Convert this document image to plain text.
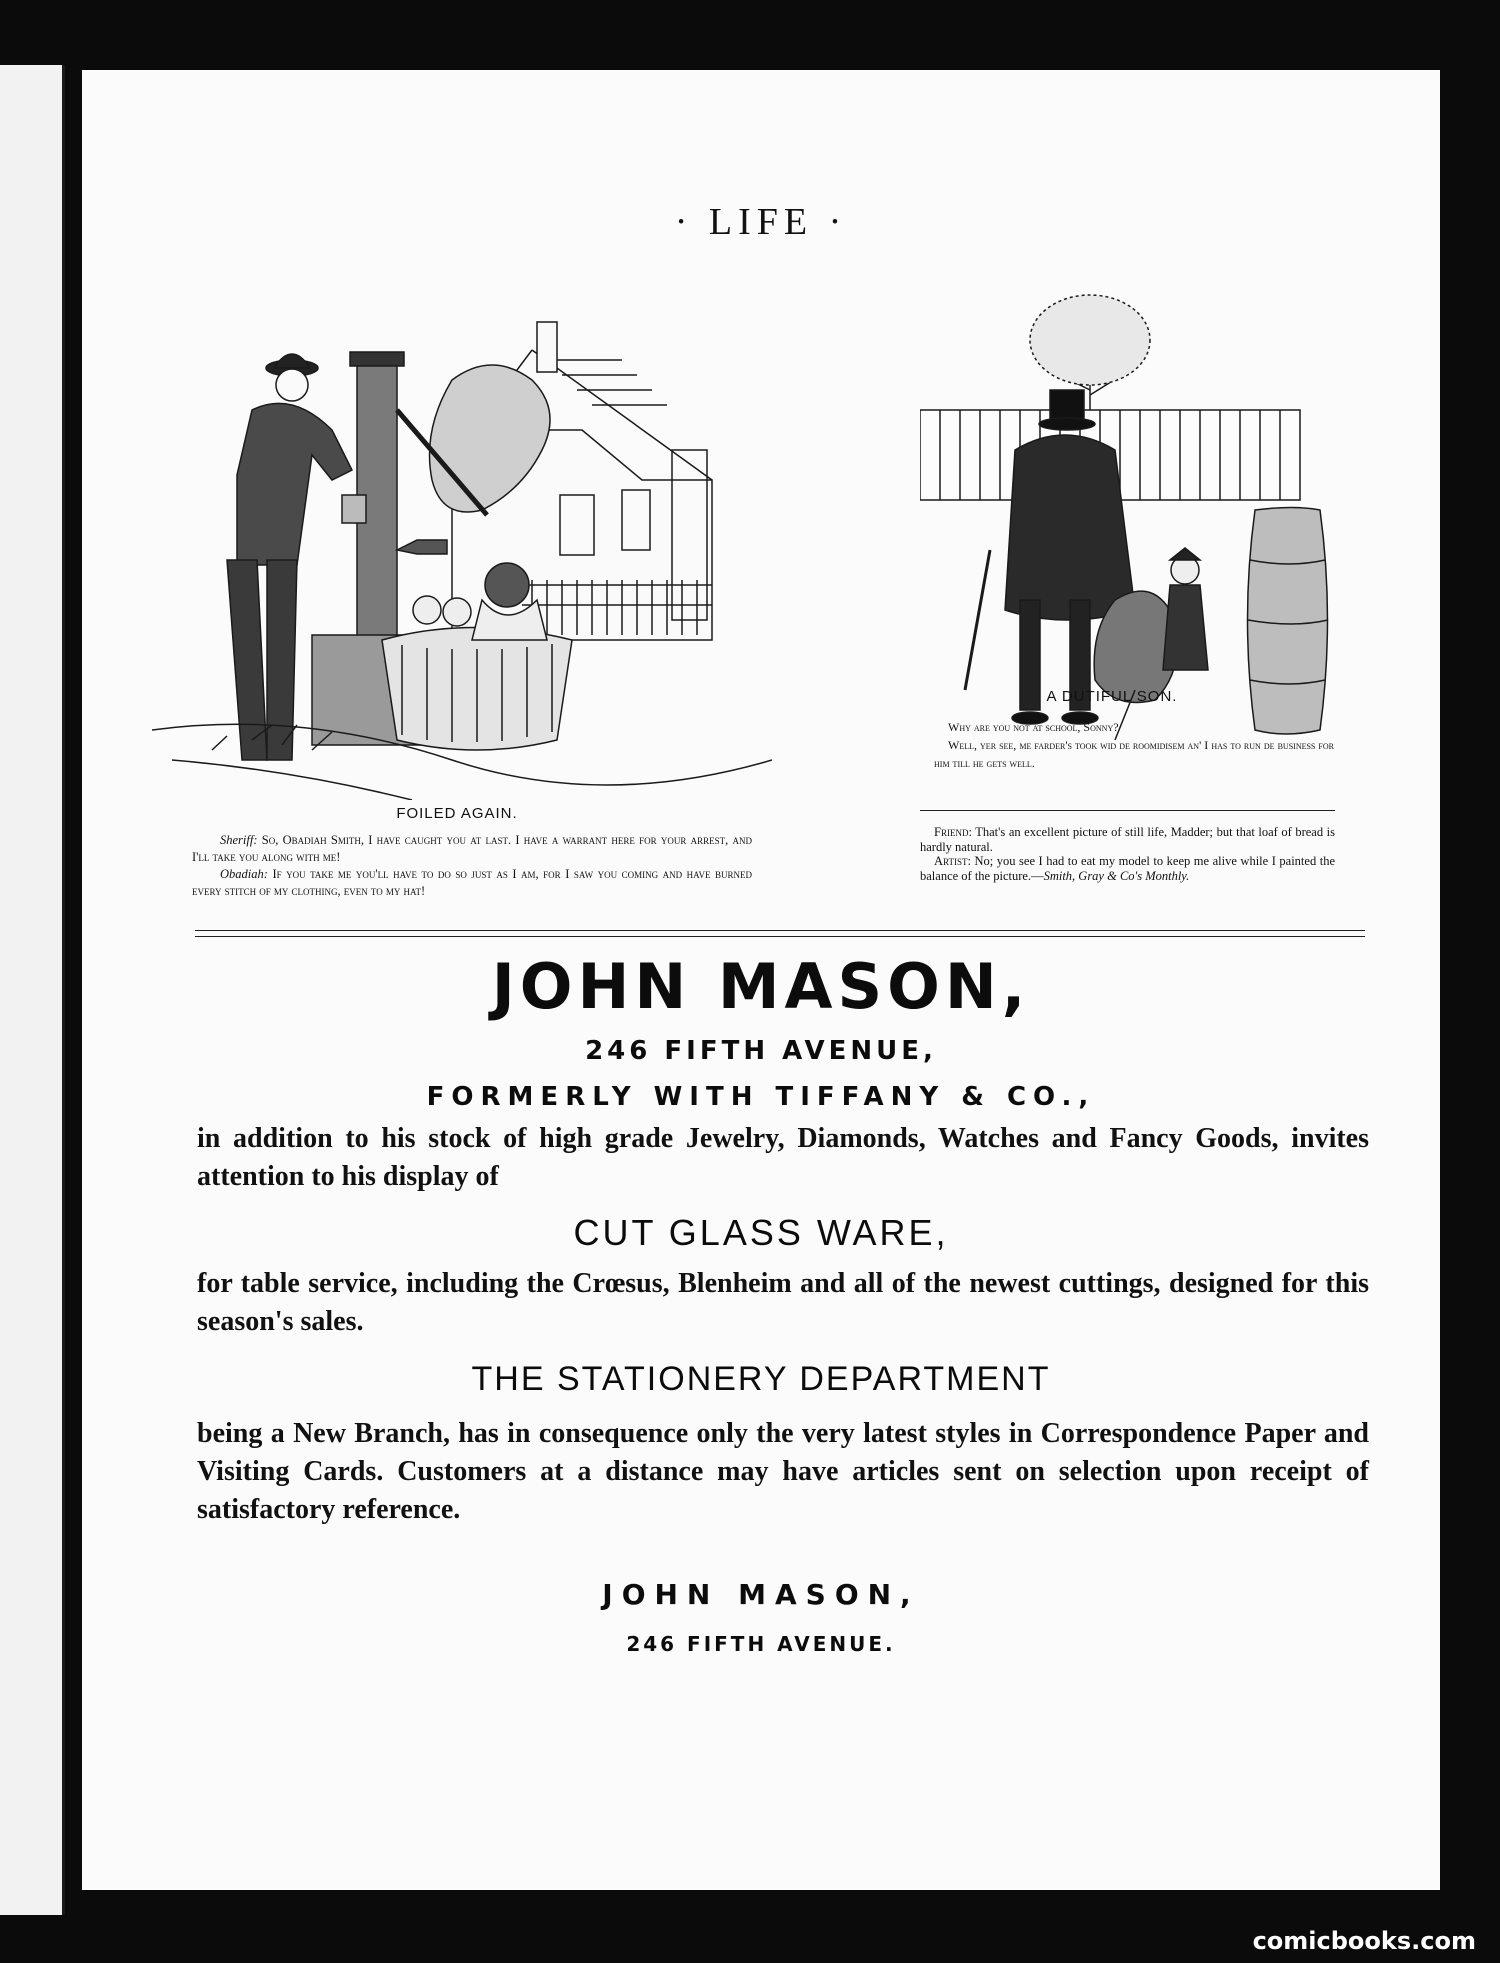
· LIFE ·
FOILED AGAIN.
Sheriff: So, Obadiah Smith, I have caught you at last. I have a warrant here for your arrest, and I'll take you along with me!
Obadiah: If you take me you'll have to do so just as I am, for I saw you coming and have burned every stitch of my clothing, even to my hat!
A DUTIFUL SON.
Why are you not at school, Sonny?
Well, yer see, me farder's took wid de roomidisem an' I has to run de business for him till he gets well.
Friend: That's an excellent picture of still life, Madder; but that loaf of bread is hardly natural.
Artist: No; you see I had to eat my model to keep me alive while I painted the balance of the picture.—Smith, Gray & Co's Monthly.
JOHN MASON,
246 FIFTH AVENUE,
FORMERLY WITH TIFFANY & CO.,
in addition to his stock of high grade Jewelry, Diamonds, Watches and Fancy Goods, invites attention to his display of
CUT GLASS WARE,
for table service, including the Crœsus, Blenheim and all of the newest cuttings, designed for this season's sales.
THE STATIONERY DEPARTMENT
being a New Branch, has in consequence only the very latest styles in Correspondence Paper and Visiting Cards. Customers at a distance may have articles sent on selection upon receipt of satisfactory reference.
JOHN MASON,
246 FIFTH AVENUE.
comicbooks.com
